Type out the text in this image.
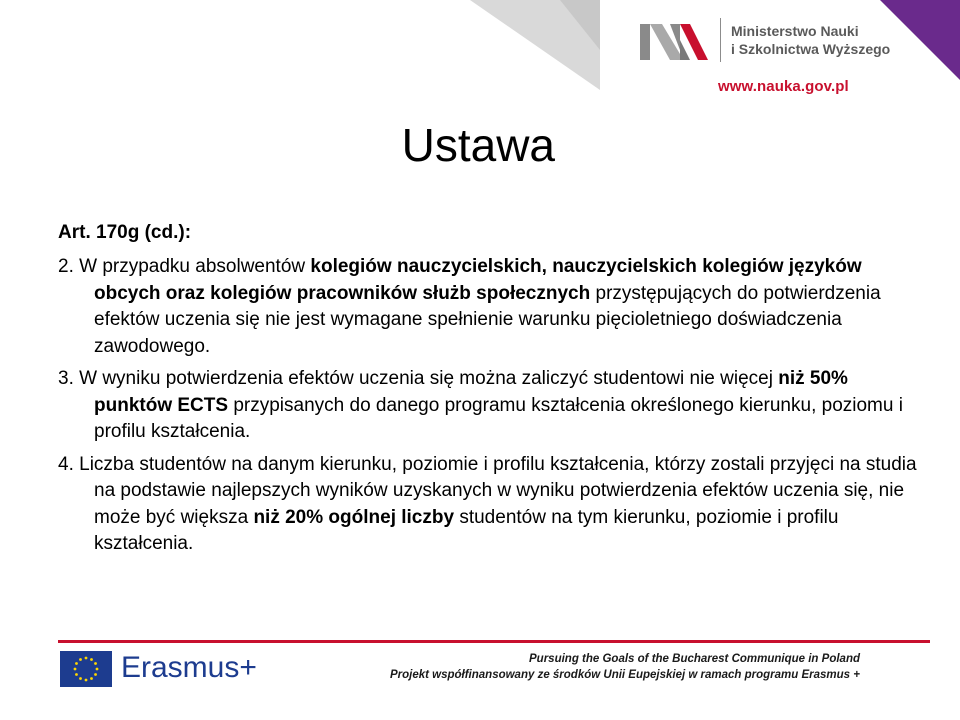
Ministerstwo Nauki
i Szkolnictwa Wyższego
www.nauka.gov.pl
Ustawa
Art. 170g (cd.):
2. W przypadku absolwentów kolegiów nauczycielskich, nauczycielskich kolegiów języków obcych oraz kolegiów pracowników służb społecznych przystępujących do potwierdzenia efektów uczenia się nie jest wymagane spełnienie warunku pięcioletniego doświadczenia zawodowego.
3. W wyniku potwierdzenia efektów uczenia się można zaliczyć studentowi nie więcej niż 50% punktów ECTS przypisanych do danego programu kształcenia określonego kierunku, poziomu i profilu kształcenia.
4. Liczba studentów na danym kierunku, poziomie i profilu kształcenia, którzy zostali przyjęci na studia na podstawie najlepszych wyników uzyskanych w wyniku potwierdzenia efektów uczenia się, nie może być większa niż 20% ogólnej liczby studentów na tym kierunku, poziomie i profilu kształcenia.
Erasmus+	Pursuing the Goals of the Bucharest Communique in Poland
Projekt współfinansowany ze środków Unii Eupejskiej w ramach programu Erasmus +
